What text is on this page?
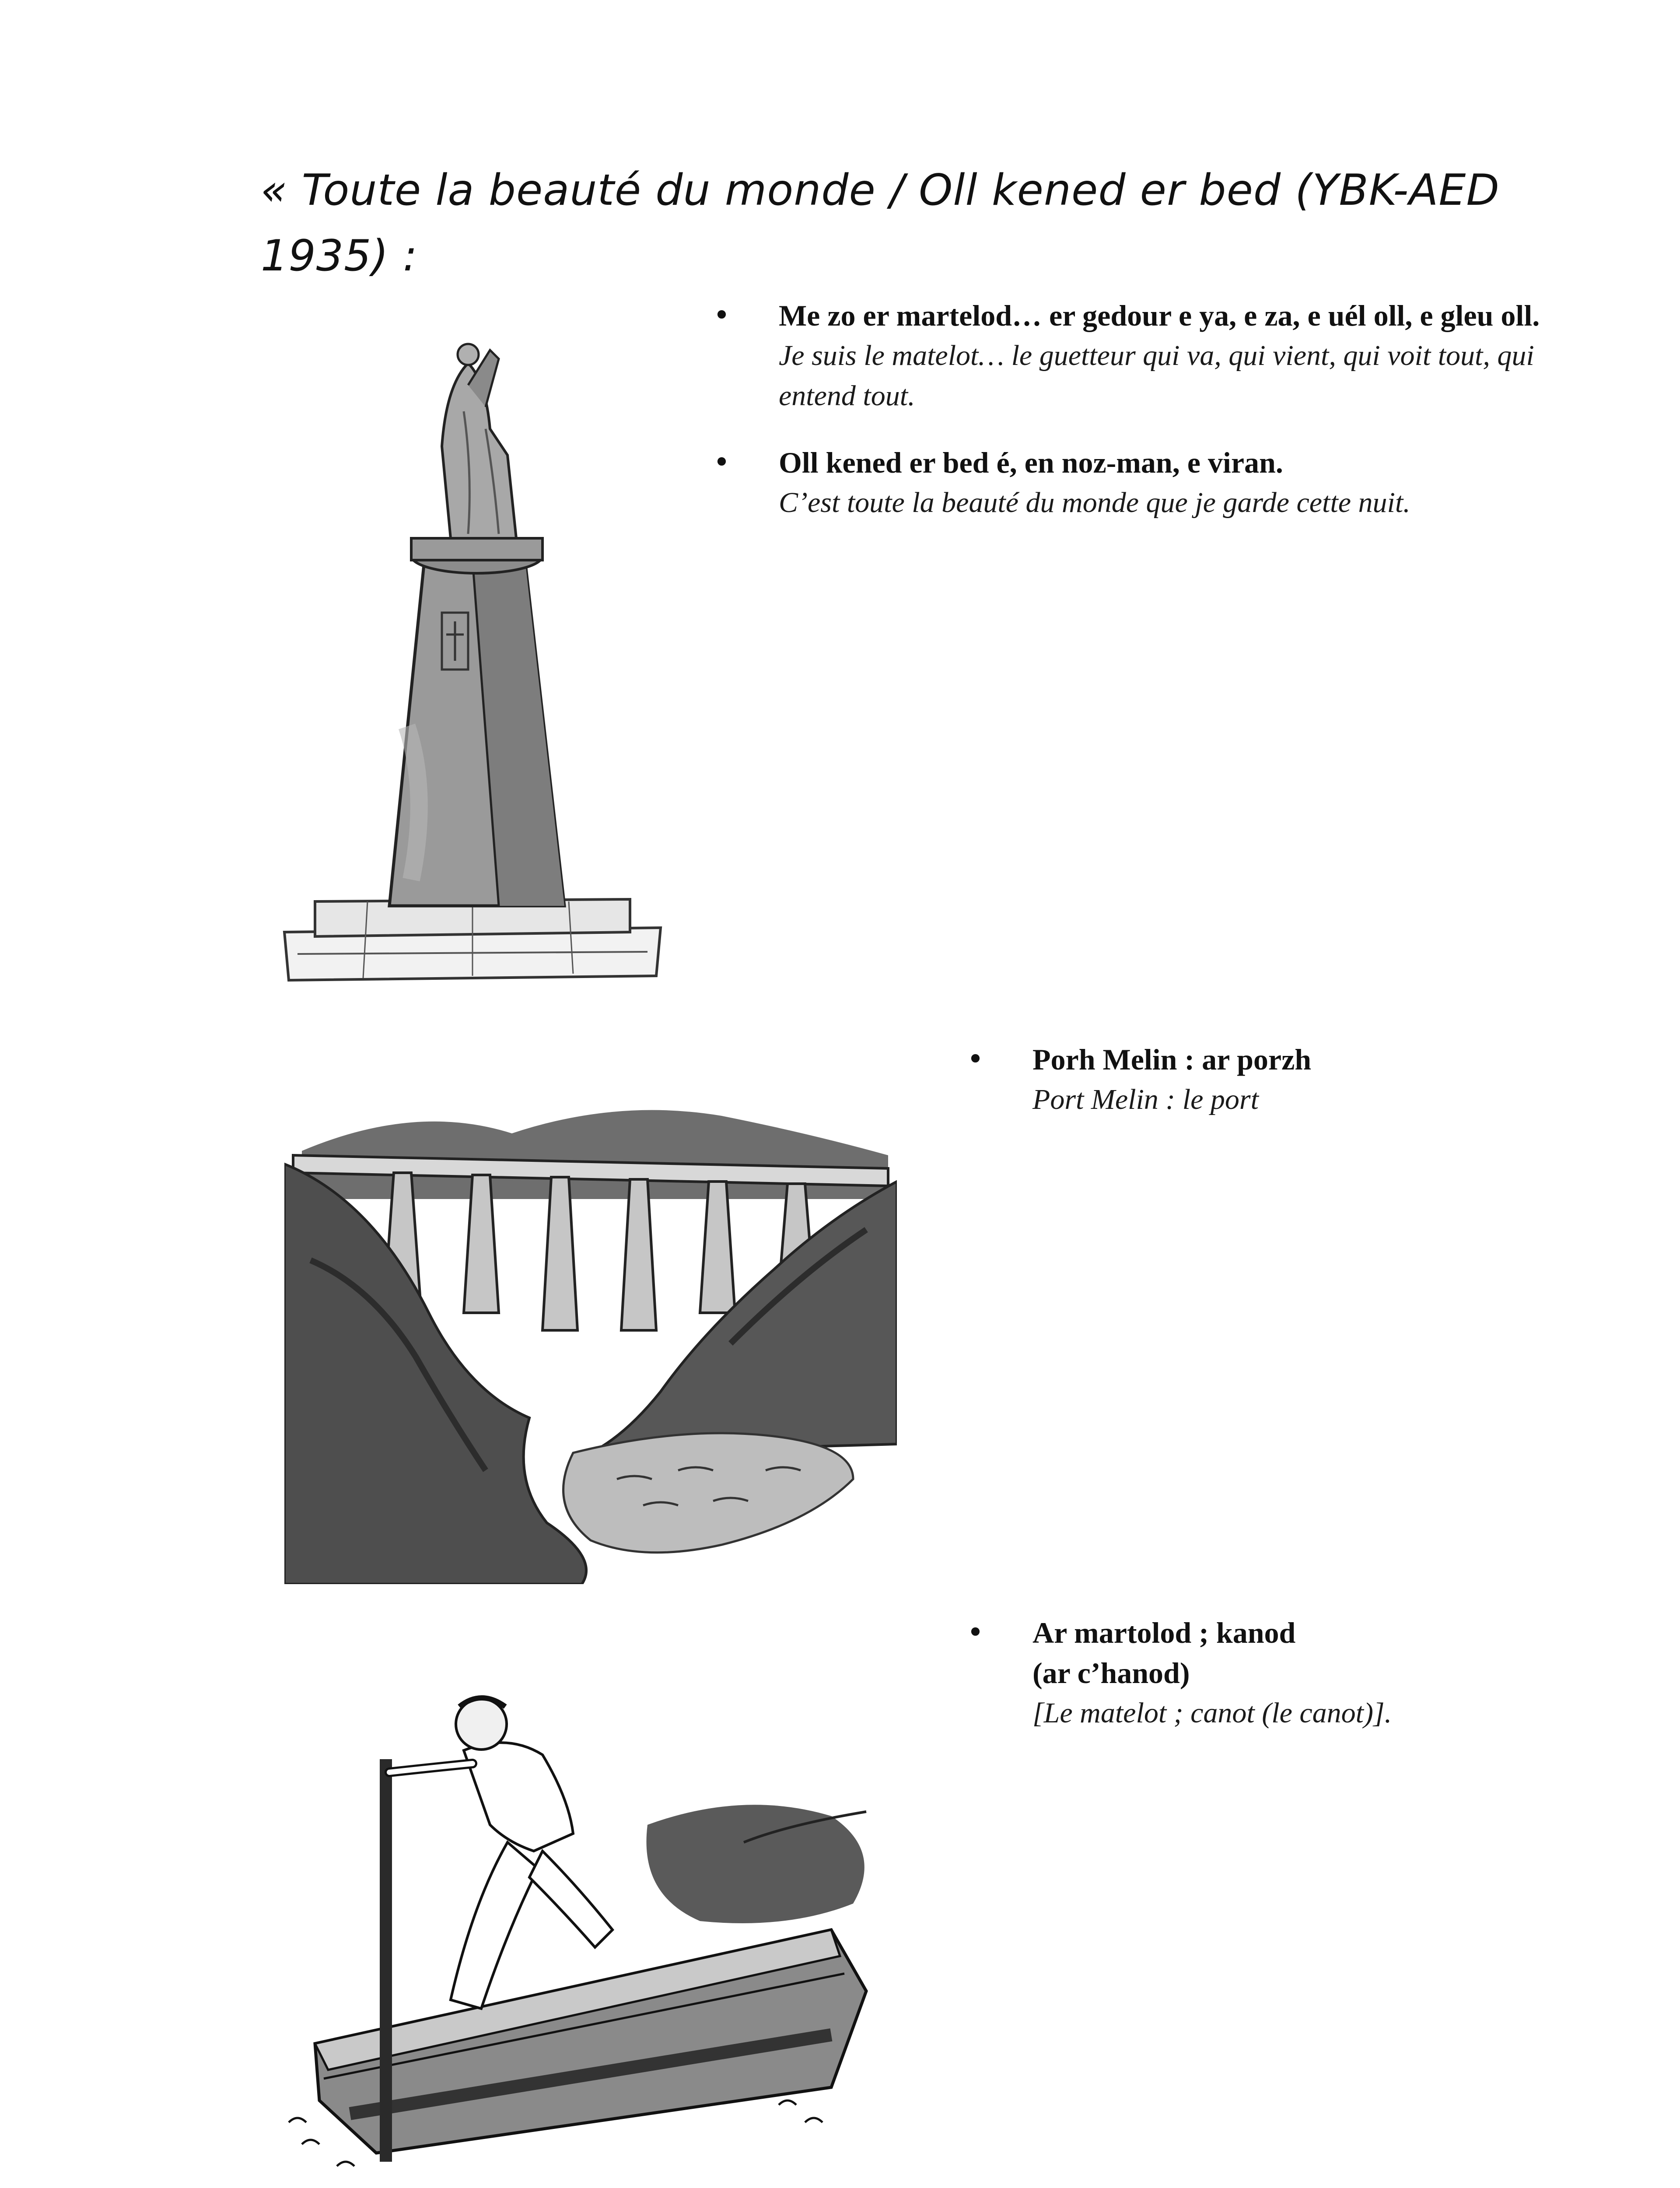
« Toute la beauté du monde / Oll kened er bed (YBK-AED 1935) :
• Me zo er martelod… er gedour e ya, e za, e uél oll, e gleu oll.
Je suis le matelot… le guetteur qui va, qui vient, qui voit tout, qui entend tout.
• Oll kened er bed é, en noz-man, e viran.
C’est toute la beauté du monde que je garde cette nuit.
• Porh Melin : ar porzh
Port Melin : le port
• Ar martolod ; kanod (ar c’hanod)
[Le matelot ; canot (le canot)].
